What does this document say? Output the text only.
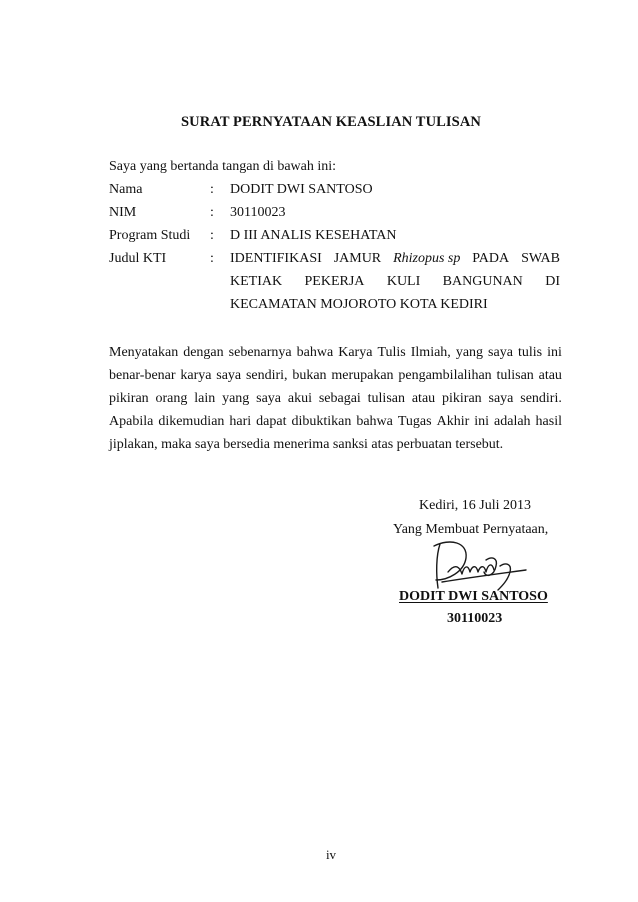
SURAT PERNYATAAN KEASLIAN TULISAN
Saya yang bertanda tangan di bawah ini:
Nama	: DODIT DWI SANTOSO
NIM	: 30110023
Program Studi : D III ANALIS KESEHATAN
Judul KTI	: IDENTIFIKASI JAMUR Rhizopus sp PADA SWAB
KETIAK PEKERJA KULI BANGUNAN DI
KECAMATAN MOJOROTO KOTA KEDIRI
Menyatakan dengan sebenarnya bahwa Karya Tulis Ilmiah, yang saya tulis ini
benar-benar karya saya sendiri, bukan merupakan pengambilalihan tulisan atau
pikiran orang lain yang saya akui sebagai tulisan atau pikiran saya sendiri.
Apabila dikemudian hari dapat dibuktikan bahwa Tugas Akhir ini adalah hasil
jiplakan, maka saya bersedia menerima sanksi atas perbuatan tersebut.
Kediri, 16 Juli 2013
Yang Membuat Pernyataan,
DODIT DWI SANTOSO
30110023
iv
